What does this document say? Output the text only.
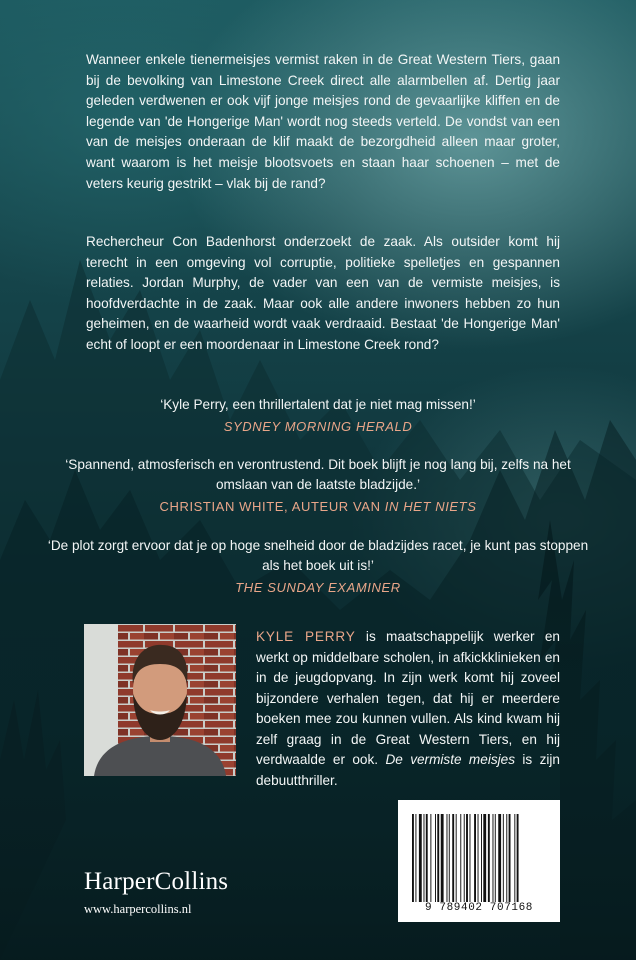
Wanneer enkele tienermeisjes vermist raken in de Great Western Tiers, gaan bij de bevolking van Limestone Creek direct alle alarmbellen af. Dertig jaar geleden verdwenen er ook vijf jonge meisjes rond de gevaarlijke kliffen en de legende van 'de Hongerige Man' wordt nog steeds verteld. De vondst van een van de meisjes onderaan de klif maakt de bezorgdheid alleen maar groter, want waarom is het meisje blootsvoets en staan haar schoenen – met de veters keurig gestrikt – vlak bij de rand?

Rechercheur Con Badenhorst onderzoekt de zaak. Als outsider komt hij terecht in een omgeving vol corruptie, politieke spelletjes en gespannen relaties. Jordan Murphy, de vader van een van de vermiste meisjes, is hoofdverdachte in de zaak. Maar ook alle andere inwoners hebben zo hun geheimen, en de waarheid wordt vaak verdraaid. Bestaat 'de Hongerige Man' echt of loopt er een moordenaar in Limestone Creek rond?

‘Kyle Perry, een thrillertalent dat je niet mag missen!’

SYDNEY MORNING HERALD

‘Spannend, atmosferisch en verontrustend. Dit boek blijft je nog lang bij, zelfs na het omslaan van de laatste bladzijde.’

CHRISTIAN WHITE, AUTEUR VAN IN HET NIETS

‘De plot zorgt ervoor dat je op hoge snelheid door de bladzijdes racet, je kunt pas stoppen als het boek uit is!’

THE SUNDAY EXAMINER

KYLE PERRY is maatschappelijk werker en werkt op middelbare scholen, in afkickklinieken en in de jeugdopvang. In zijn werk komt hij zoveel bijzondere verhalen tegen, dat hij er meerdere boeken mee zou kunnen vullen. Als kind kwam hij zelf graag in de Great Western Tiers, en hij verdwaalde er ook. De vermiste meisjes is zijn debuutthriller.

HarperCollins

www.harpercollins.nl	9 789402 707168
